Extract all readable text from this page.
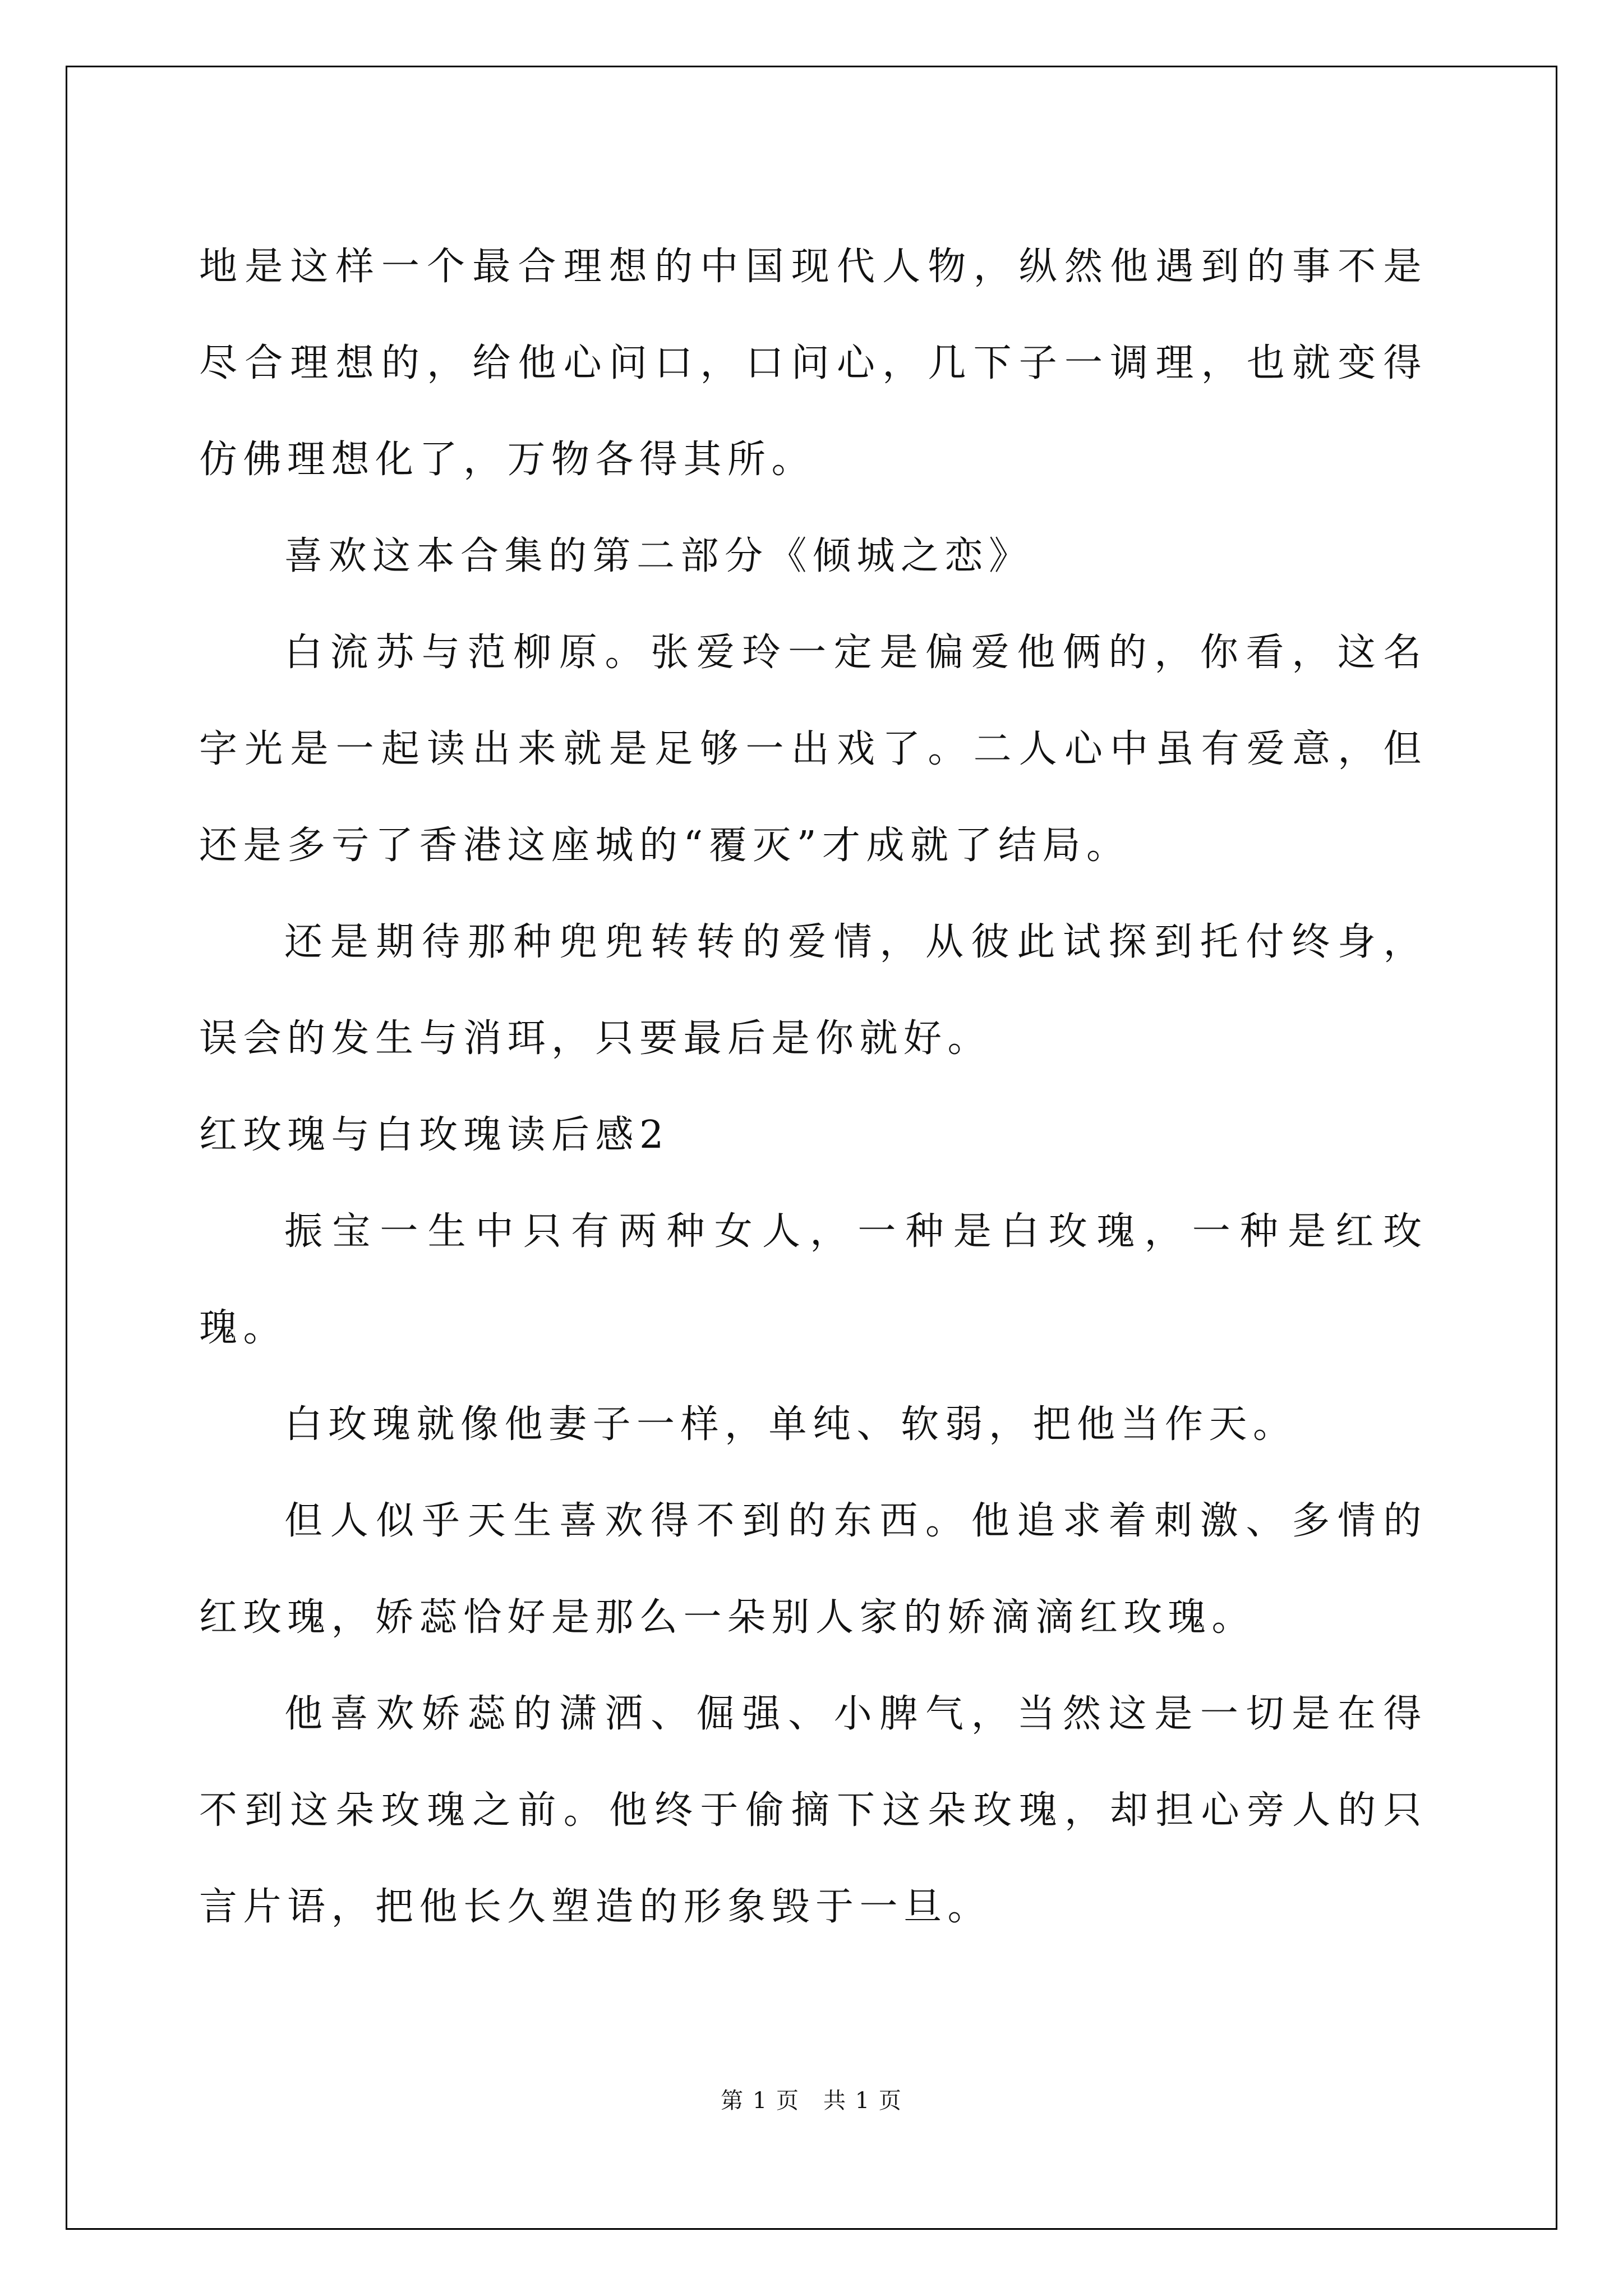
地是这样一个最合理想的中国现代人物，纵然他遇到的事不是尽合理想的，给他心问口，口问心，几下子一调理，也就变得仿佛理想化了，万物各得其所。

喜欢这本合集的第二部分《倾城之恋》

白流苏与范柳原。张爱玲一定是偏爱他俩的，你看，这名字光是一起读出来就是足够一出戏了。二人心中虽有爱意，但还是多亏了香港这座城的“覆灭”才成就了结局。

还是期待那种兜兜转转的爱情，从彼此试探到托付终身，误会的发生与消珥，只要最后是你就好。

红玫瑰与白玫瑰读后感2

振宝一生中只有两种女人，一种是白玫瑰，一种是红玫瑰。

白玫瑰就像他妻子一样，单纯、软弱，把他当作天。

但人似乎天生喜欢得不到的东西。他追求着刺激、多情的红玫瑰，娇蕊恰好是那么一朵别人家的娇滴滴红玫瑰。

他喜欢娇蕊的潇洒、倔强、小脾气，当然这是一切是在得不到这朵玫瑰之前。他终于偷摘下这朵玫瑰，却担心旁人的只言片语，把他长久塑造的形象毁于一旦。

第 1 页　共 1 页
